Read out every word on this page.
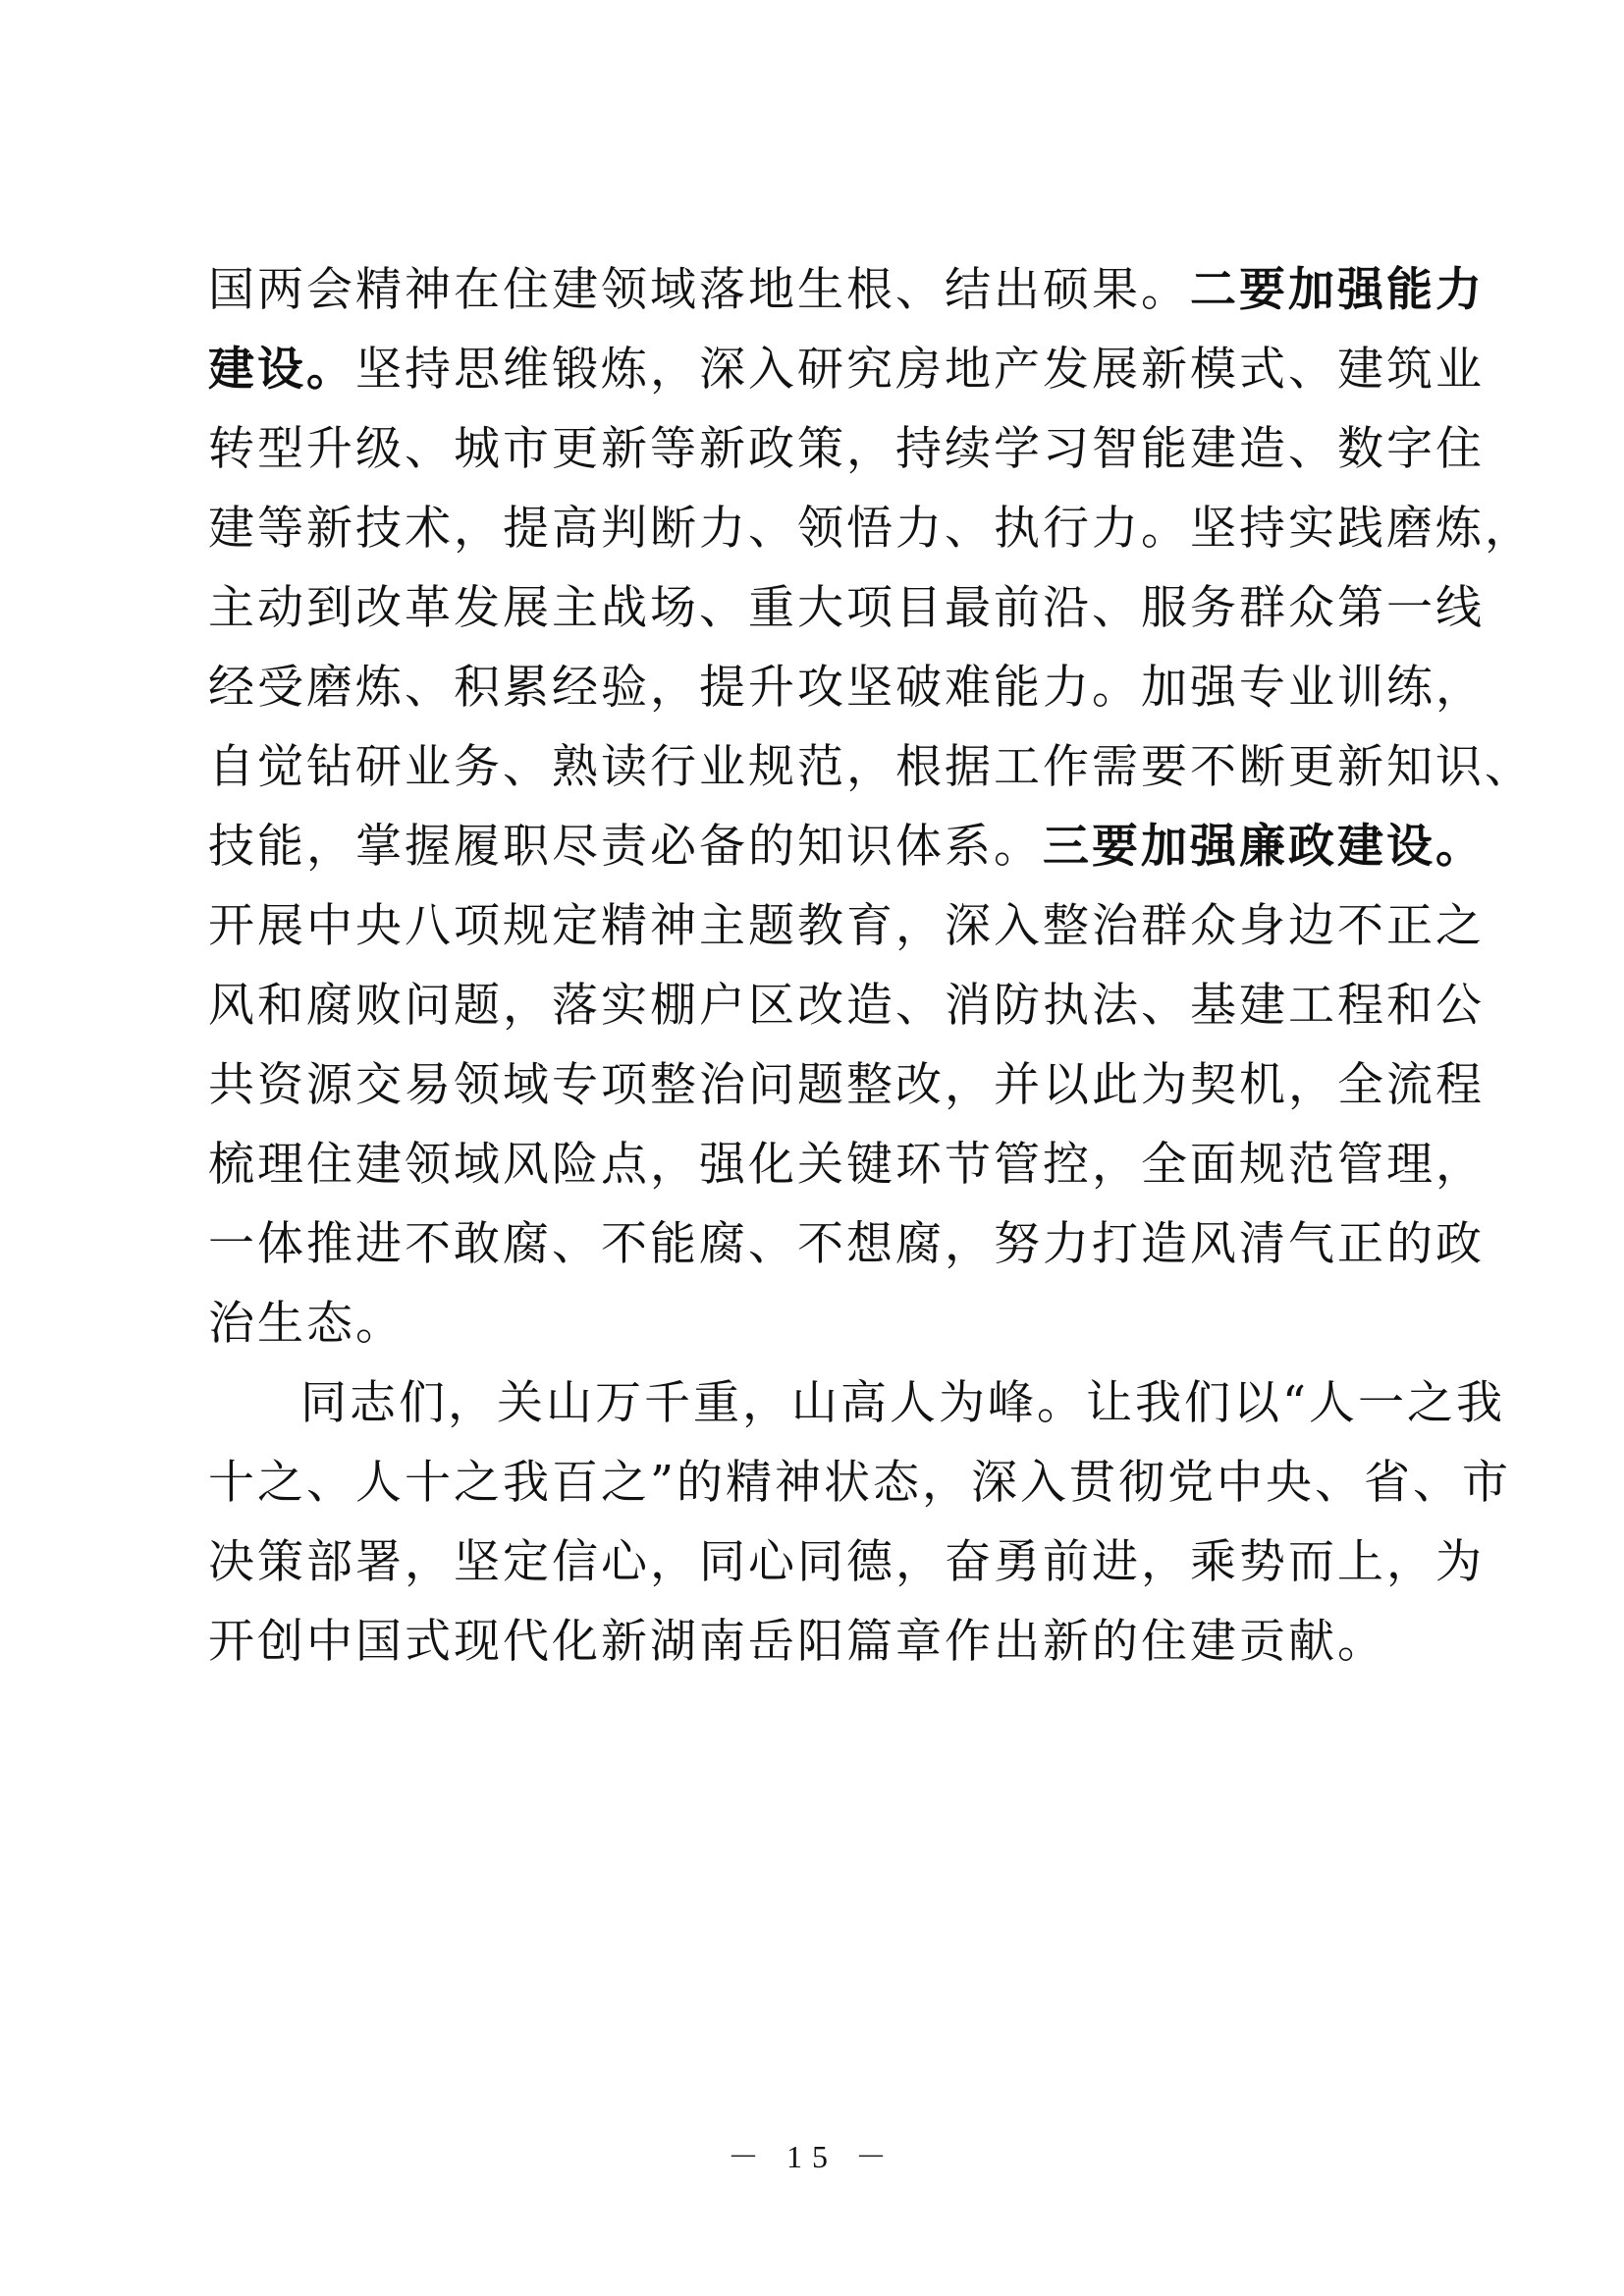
国两会精神在住建领域落地生根、结出硕果。二要加强能力
建设。坚持思维锻炼，深入研究房地产发展新模式、建筑业
转型升级、城市更新等新政策，持续学习智能建造、数字住
建等新技术，提高判断力、领悟力、执行力。坚持实践磨炼，
主动到改革发展主战场、重大项目最前沿、服务群众第一线
经受磨炼、积累经验，提升攻坚破难能力。加强专业训练，
自觉钻研业务、熟读行业规范，根据工作需要不断更新知识、
技能，掌握履职尽责必备的知识体系。三要加强廉政建设。
开展中央八项规定精神主题教育，深入整治群众身边不正之
风和腐败问题，落实棚户区改造、消防执法、基建工程和公
共资源交易领域专项整治问题整改，并以此为契机，全流程
梳理住建领域风险点，强化关键环节管控，全面规范管理，
一体推进不敢腐、不能腐、不想腐，努力打造风清气正的政
治生态。
同志们，关山万千重，山高人为峰。让我们以“人一之我
十之、人十之我百之”的精神状态，深入贯彻党中央、省、市
决策部署，坚定信心，同心同德，奋勇前进，乘势而上，为
开创中国式现代化新湖南岳阳篇章作出新的住建贡献。
－ 15 －
